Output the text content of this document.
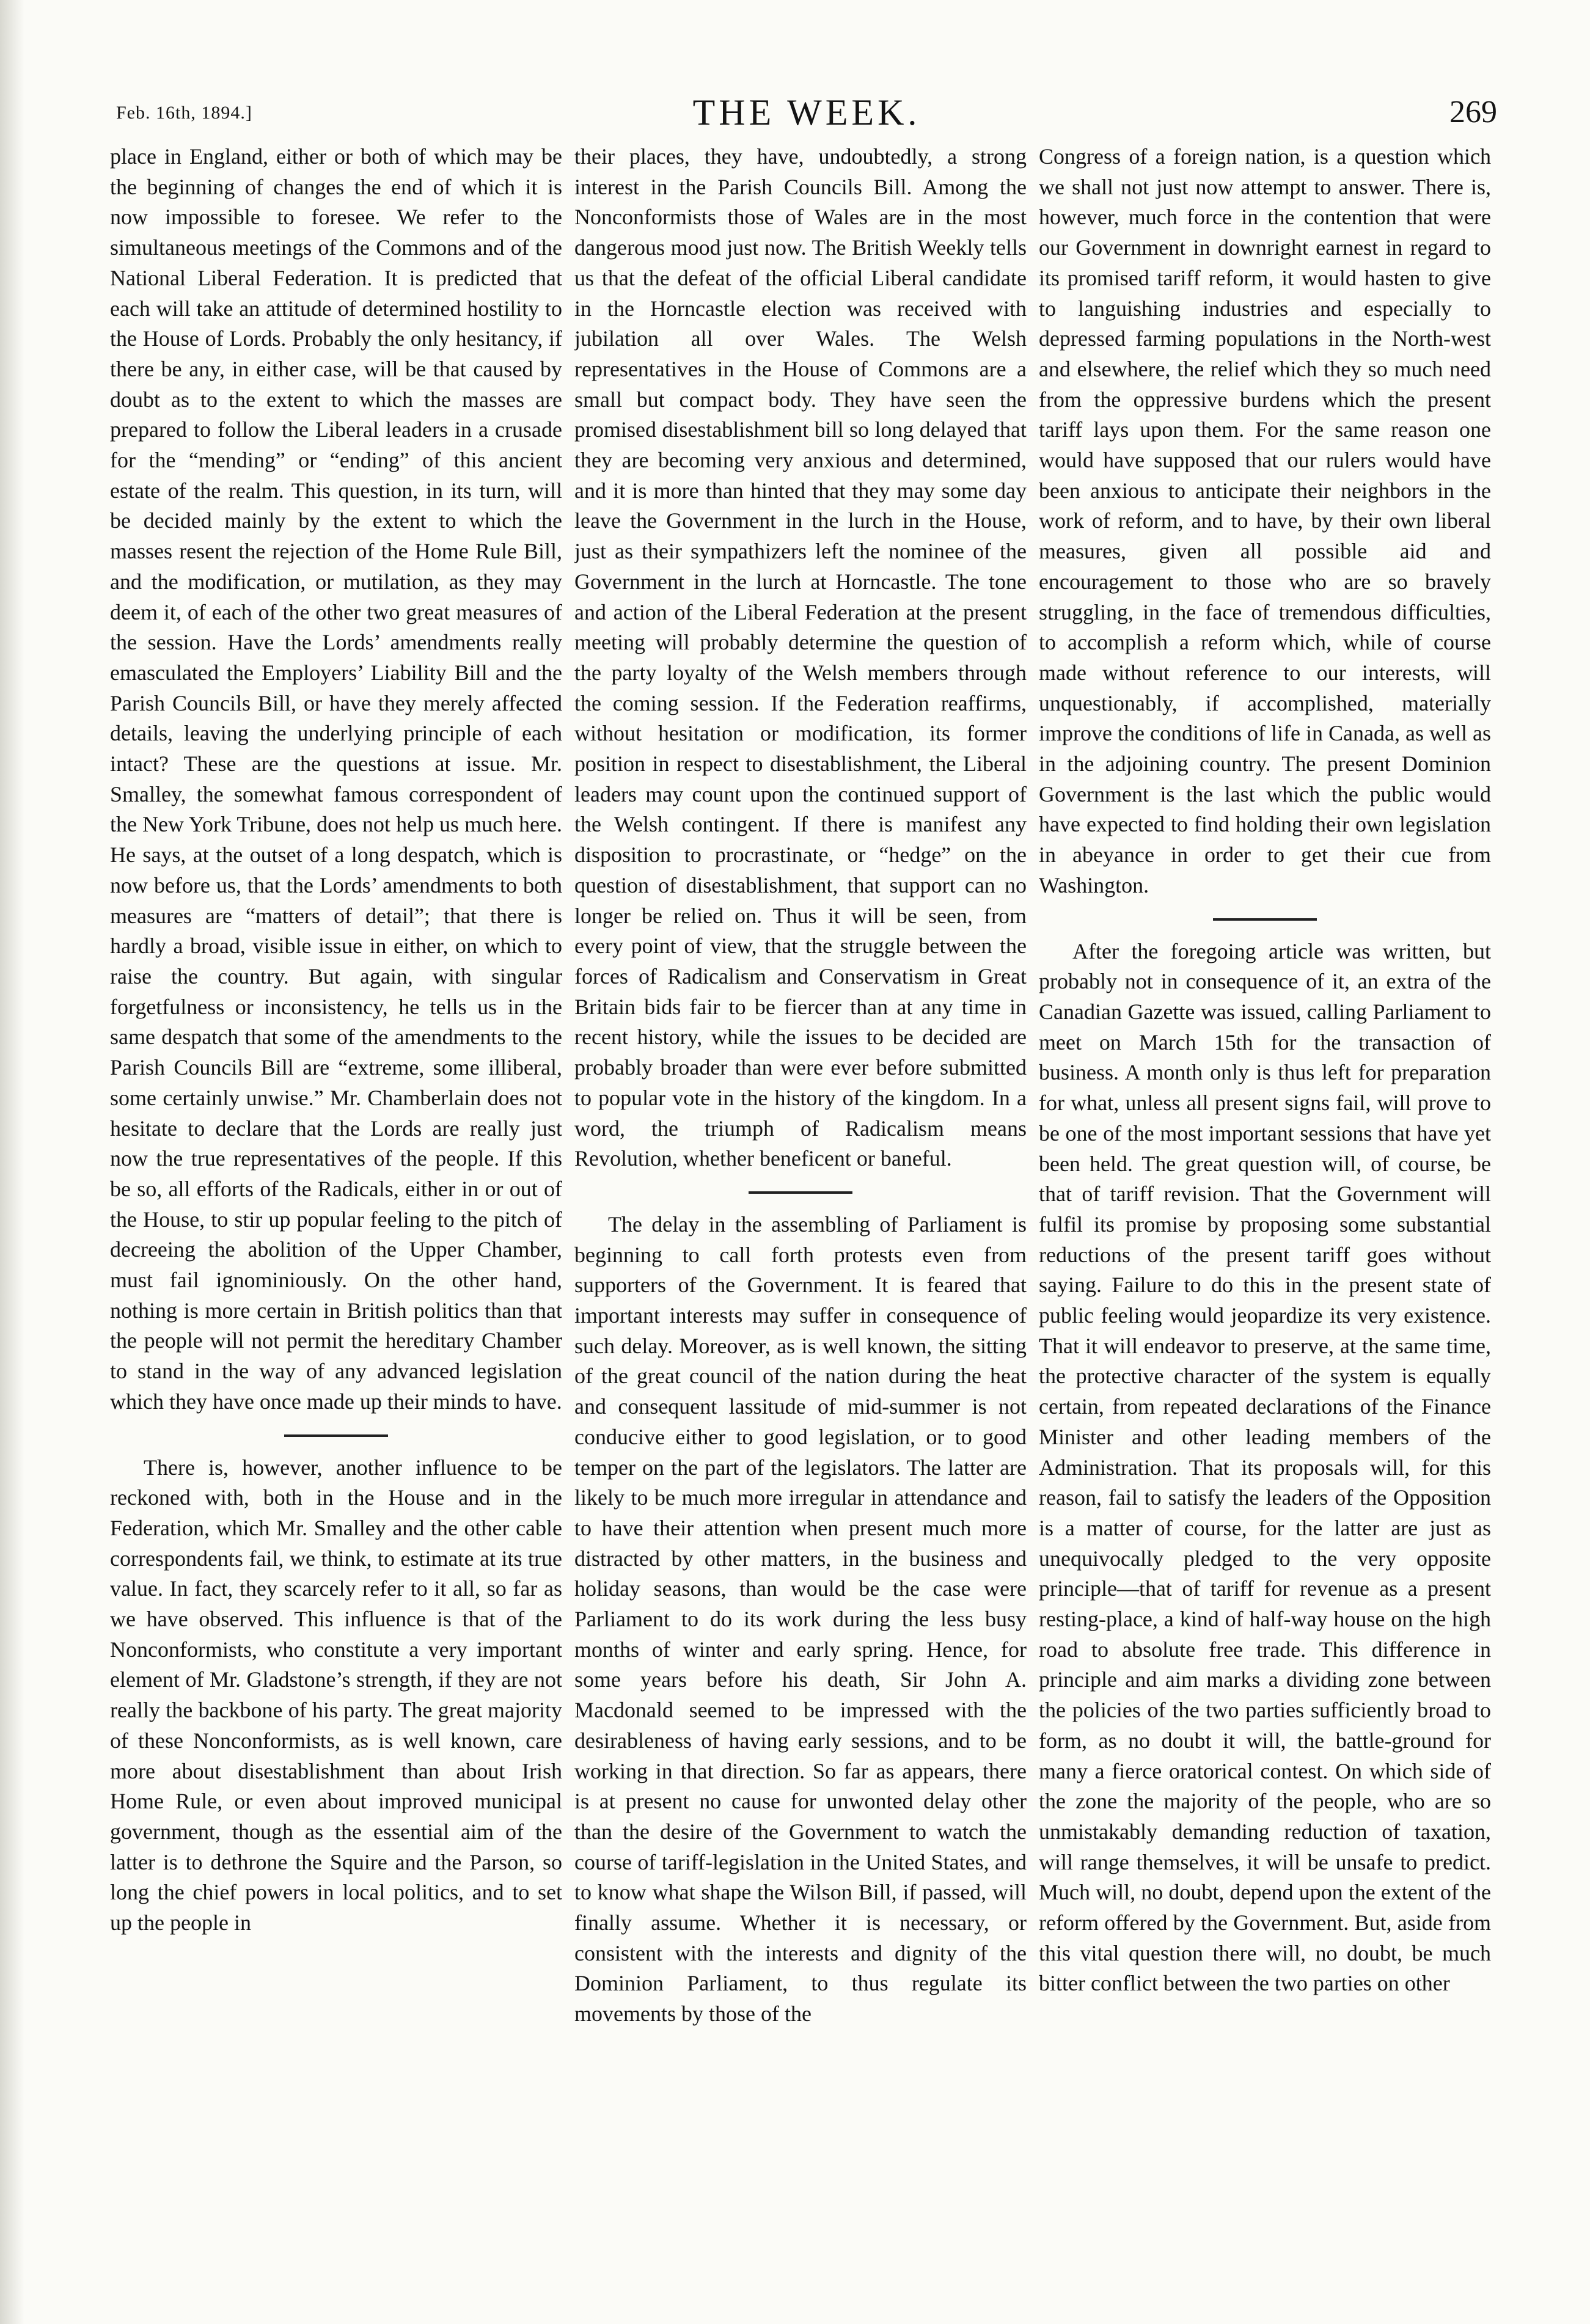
Feb. 16th, 1894.]	THE WEEK.	269

place in England, either or both of which may be the beginning of changes the end of which it is now impossible to foresee. We refer to the simultaneous meetings of the Commons and of the National Liberal Federation. It is predicted that each will take an attitude of determined hostility to the House of Lords. Probably the only hesitancy, if there be any, in either case, will be that caused by doubt as to the extent to which the masses are prepared to follow the Liberal leaders in a crusade for the “mending” or “ending” of this ancient estate of the realm. This question, in its turn, will be decided mainly by the extent to which the masses resent the rejection of the Home Rule Bill, and the modification, or mutilation, as they may deem it, of each of the other two great measures of the session. Have the Lords’ amendments really emasculated the Employers’ Liability Bill and the Parish Councils Bill, or have they merely affected details, leaving the underlying principle of each intact? These are the questions at issue. Mr. Smalley, the somewhat famous correspondent of the New York Tribune, does not help us much here. He says, at the outset of a long despatch, which is now before us, that the Lords’ amendments to both measures are “matters of detail”; that there is hardly a broad, visible issue in either, on which to raise the country. But again, with singular forgetfulness or inconsistency, he tells us in the same despatch that some of the amendments to the Parish Councils Bill are “extreme, some illiberal, some certainly unwise.” Mr. Chamberlain does not hesitate to declare that the Lords are really just now the true representatives of the people. If this be so, all efforts of the Radicals, either in or out of the House, to stir up popular feeling to the pitch of decreeing the abolition of the Upper Chamber, must fail ignominiously. On the other hand, nothing is more certain in British politics than that the people will not permit the hereditary Chamber to stand in the way of any advanced legislation which they have once made up their minds to have.

There is, however, another influence to be reckoned with, both in the House and in the Federation, which Mr. Smalley and the other cable correspondents fail, we think, to estimate at its true value. In fact, they scarcely refer to it all, so far as we have observed. This influence is that of the Nonconformists, who constitute a very important element of Mr. Gladstone’s strength, if they are not really the backbone of his party. The great majority of these Nonconformists, as is well known, care more about disestablishment than about Irish Home Rule, or even about improved municipal government, though as the essential aim of the latter is to dethrone the Squire and the Parson, so long the chief powers in local politics, and to set up the people in

their places, they have, undoubtedly, a strong interest in the Parish Councils Bill. Among the Nonconformists those of Wales are in the most dangerous mood just now. The British Weekly tells us that the defeat of the official Liberal candidate in the Horncastle election was received with jubilation all over Wales. The Welsh representatives in the House of Commons are a small but compact body. They have seen the promised disestablishment bill so long delayed that they are becoming very anxious and determined, and it is more than hinted that they may some day leave the Government in the lurch in the House, just as their sympathizers left the nominee of the Government in the lurch at Horncastle. The tone and action of the Liberal Federation at the present meeting will probably determine the question of the party loyalty of the Welsh members through the coming session. If the Federation reaffirms, without hesitation or modification, its former position in respect to disestablishment, the Liberal leaders may count upon the continued support of the Welsh contingent. If there is manifest any disposition to procrastinate, or “hedge” on the question of disestablishment, that support can no longer be relied on. Thus it will be seen, from every point of view, that the struggle between the forces of Radicalism and Conservatism in Great Britain bids fair to be fiercer than at any time in recent history, while the issues to be decided are probably broader than were ever before submitted to popular vote in the history of the kingdom. In a word, the triumph of Radicalism means Revolution, whether beneficent or baneful.

The delay in the assembling of Parliament is beginning to call forth protests even from supporters of the Government. It is feared that important interests may suffer in consequence of such delay. Moreover, as is well known, the sitting of the great council of the nation during the heat and consequent lassitude of mid-summer is not conducive either to good legislation, or to good temper on the part of the legislators. The latter are likely to be much more irregular in attendance and to have their attention when present much more distracted by other matters, in the business and holiday seasons, than would be the case were Parliament to do its work during the less busy months of winter and early spring. Hence, for some years before his death, Sir John A. Macdonald seemed to be impressed with the desirableness of having early sessions, and to be working in that direction. So far as appears, there is at present no cause for unwonted delay other than the desire of the Government to watch the course of tariff-legislation in the United States, and to know what shape the Wilson Bill, if passed, will finally assume. Whether it is necessary, or consistent with the interests and dignity of the Dominion Parliament, to thus regulate its movements by those of the

Congress of a foreign nation, is a question which we shall not just now attempt to answer. There is, however, much force in the contention that were our Government in downright earnest in regard to its promised tariff reform, it would hasten to give to languishing industries and especially to depressed farming populations in the North-west and elsewhere, the relief which they so much need from the oppressive burdens which the present tariff lays upon them. For the same reason one would have supposed that our rulers would have been anxious to anticipate their neighbors in the work of reform, and to have, by their own liberal measures, given all possible aid and encouragement to those who are so bravely struggling, in the face of tremendous difficulties, to accomplish a reform which, while of course made without reference to our interests, will unquestionably, if accomplished, materially improve the conditions of life in Canada, as well as in the adjoining country. The present Dominion Government is the last which the public would have expected to find holding their own legislation in abeyance in order to get their cue from Washington.

After the foregoing article was written, but probably not in consequence of it, an extra of the Canadian Gazette was issued, calling Parliament to meet on March 15th for the transaction of business. A month only is thus left for preparation for what, unless all present signs fail, will prove to be one of the most important sessions that have yet been held. The great question will, of course, be that of tariff revision. That the Government will fulfil its promise by proposing some substantial reductions of the present tariff goes without saying. Failure to do this in the present state of public feeling would jeopardize its very existence. That it will endeavor to preserve, at the same time, the protective character of the system is equally certain, from repeated declarations of the Finance Minister and other leading members of the Administration. That its proposals will, for this reason, fail to satisfy the leaders of the Opposition is a matter of course, for the latter are just as unequivocally pledged to the very opposite principle—that of tariff for revenue as a present resting-place, a kind of half-way house on the high road to absolute free trade. This difference in principle and aim marks a dividing zone between the policies of the two parties sufficiently broad to form, as no doubt it will, the battle-ground for many a fierce oratorical contest. On which side of the zone the majority of the people, who are so unmistakably demanding reduction of taxation, will range themselves, it will be unsafe to predict. Much will, no doubt, depend upon the extent of the reform offered by the Government. But, aside from this vital question there will, no doubt, be much bitter conflict between the two parties on other
